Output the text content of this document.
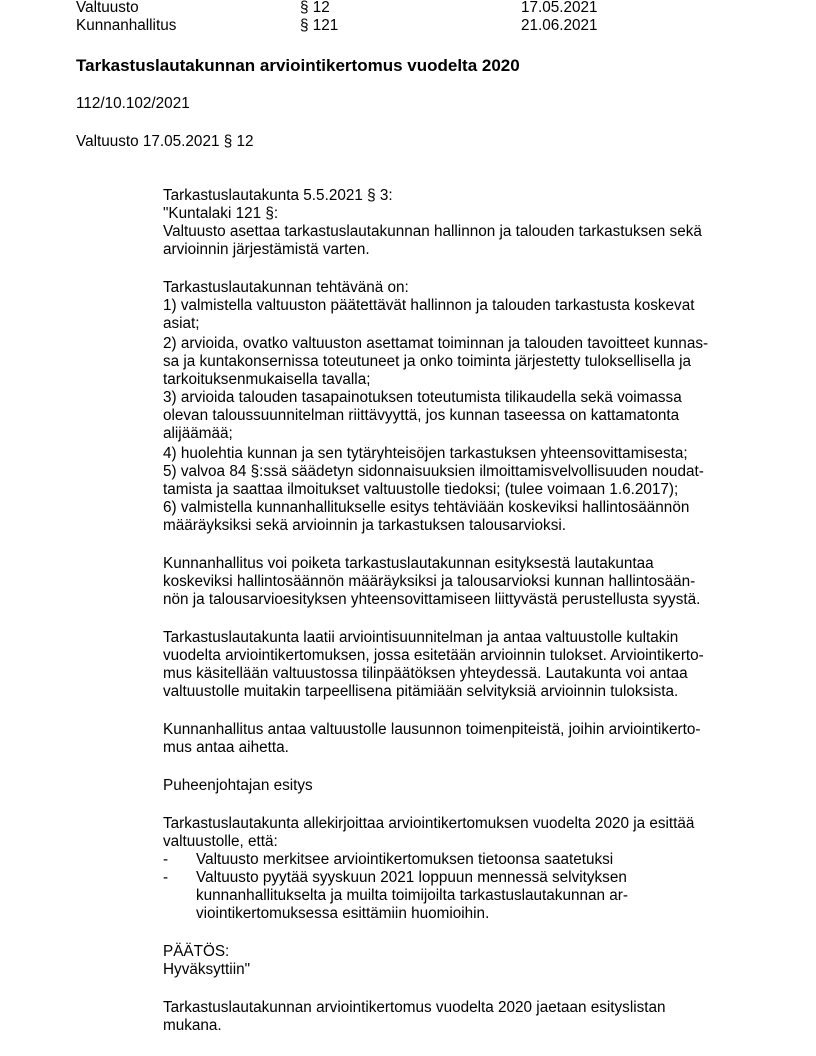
Valtuusto	§ 12	17.05.2021
Kunnanhallitus	§ 121	21.06.2021
Tarkastuslautakunnan arviointikertomus vuodelta 2020
112/10.102/2021
Valtuusto 17.05.2021 § 12
Tarkastuslautakunta 5.5.2021 § 3:
"Kuntalaki 121 §:
Valtuusto asettaa tarkastuslautakunnan hallinnon ja talouden tarkastuksen sekä
arvioinnin järjestämistä varten.
Tarkastuslautakunnan tehtävänä on:
1) valmistella valtuuston päätettävät hallinnon ja talouden tarkastusta koskevat
asiat;
2) arvioida, ovatko valtuuston asettamat toiminnan ja talouden tavoitteet kunnas-
sa ja kuntakonsernissa toteutuneet ja onko toiminta järjestetty tuloksellisella ja
tarkoituksenmukaisella tavalla;
3) arvioida talouden tasapainotuksen toteutumista tilikaudella sekä voimassa
olevan taloussuunnitelman riittävyyttä, jos kunnan taseessa on kattamatonta
alijäämää;
4) huolehtia kunnan ja sen tytäryhteisöjen tarkastuksen yhteensovittamisesta;
5) valvoa 84 §:ssä säädetyn sidonnaisuuksien ilmoittamisvelvollisuuden noudat-
tamista ja saattaa ilmoitukset valtuustolle tiedoksi; (tulee voimaan 1.6.2017);
6) valmistella kunnanhallitukselle esitys tehtäviään koskeviksi hallintosäännön
määräyksiksi sekä arvioinnin ja tarkastuksen talousarvioksi.
Kunnanhallitus voi poiketa tarkastuslautakunnan esityksestä lautakuntaa
koskeviksi hallintosäännön määräyksiksi ja talousarvioksi kunnan hallintosään-
nön ja talousarvioesityksen yhteensovittamiseen liittyvästä perustellusta syystä.
Tarkastuslautakunta laatii arviointisuunnitelman ja antaa valtuustolle kultakin
vuodelta arviointikertomuksen, jossa esitetään arvioinnin tulokset. Arviointikerto-
mus käsitellään valtuustossa tilinpäätöksen yhteydessä. Lautakunta voi antaa
valtuustolle muitakin tarpeellisena pitämiään selvityksiä arvioinnin tuloksista.
Kunnanhallitus antaa valtuustolle lausunnon toimenpiteistä, joihin arviointikerto-
mus antaa aihetta.
Puheenjohtajan esitys
Tarkastuslautakunta allekirjoittaa arviointikertomuksen vuodelta 2020 ja esittää
valtuustolle, että:
- Valtuusto merkitsee arviointikertomuksen tietoonsa saatetuksi
- Valtuusto pyytää syyskuun 2021 loppuun mennessä selvityksen
kunnanhallitukselta ja muilta toimijoilta tarkastuslautakunnan ar-
viointikertomuksessa esittämiin huomioihin.
PÄÄTÖS:
Hyväksyttiin"
Tarkastuslautakunnan arviointikertomus vuodelta 2020 jaetaan esityslistan
mukana.
